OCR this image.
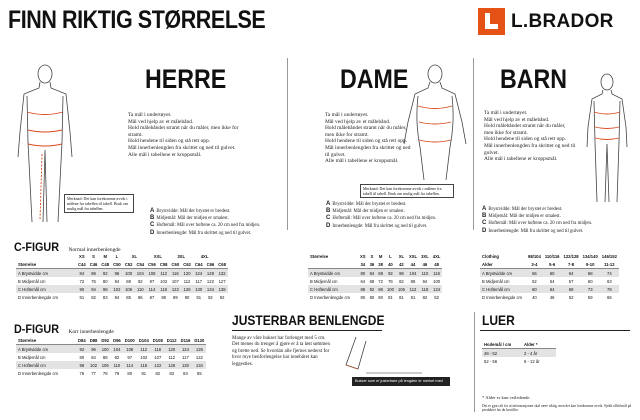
FINN RIKTIG STØRRELSE	L.BRADOR
HERRE
Ta mål i undertøyet.
Mål ved hjelp av et målebånd.
Hold målebåndet stramt når du måler, men ikke for stramt.
Hold hendene til siden og stå rett opp.
Mål innerbenlengden fra skrittet og ned til gulvet.
Alle mål i tabellene er kroppsmål.
Merknad: Det kan forekomme avvik i målene fra tabellen til tabell. Bruk om mulig mål fra tabellen.	A Brystvidde: Mål der brystet er bredest.
B Midjemål: Mål der midjen er smalest.
C Hoftemål: Mål over hoftene ca. 20 cm ned fra midjen.
D Innerbenlengde: Mål fra skrittet og ned til gulvet.
DAME
Ta mål i undertøyet.
Mål ved hjelp av et målebånd.
Hold målebåndet stramt når du måler, men ikke for stramt.
Hold hendene til siden og stå rett opp.
Mål innerbenlengden fra skrittet og ned til gulvet.
Alle mål i tabellene er kroppsmål.
Merknad: Det kan forekomme avvik i målene fra tabell til tabell. Bruk om mulig mål fra tabellen.
A Brystvidde: Mål der brystet er bredest.
B Midjemål: Mål der midjen er smalest.
C Hoftemål: Mål over hoftene ca. 20 cm ned fra midjen.
D Innerbenlengde: Mål fra skrittet og ned til gulvet.
BARN
Ta mål i undertøyet.
Mål ved hjelp av et målebånd.
Hold målebåndet stramt når du måler, men ikke for stramt.
Hold hendene til siden og stå rett opp.
Mål innerbenlengden fra skrittet og ned til gulvet.
Alle mål i tabellene er kroppsmål.
A Brystvidde: Mål der brystet er bredest.
B Midjemål: Mål der midjen er smalest.
C Hoftemål: Mål over hoftene ca. 20 cm ned fra midjen.
D Innerbenlengde: Mål fra skrittet og ned til gulvet.
C-FIGUR Normal innerbenlengde
	XS	S	M	L	XL		XXL		3XL		4XL		
Størrelse	C44	C46	C48	C50	C52	C54	C56	C58	C60	C62	C64	C66	C68
A Brystvidde cm	84	88	92	96	100	104	108	112	116	120	124	128	132
B Midjemål cm	72	76	80	84	88	92	97	102	107	112	117	122	127
C Hoftemål cm	90	94	98	102	106	110	114	118	122	126	130	134	138
D Innerbenlengde cm	81	82	83	84	85	86	87	88	89	90	91	92	92
Størrelse	XS	S	M	L	XL	XXL	3XL	4XL
	34	36	38	40	42	44	46	48
A Brystvidde cm	80	84	88	92	98	104	110	116
B Midjemål cm	64	68	72	76	82	88	94	100
C Hoftemål cm	88	92	96	100	106	112	118	124
D Innerbenlengde cm	80	80	80	81	81	81	82	82
Clothing	98/104	110/116	122/128	134/140	146/152
Alder	3-4	5-6	7-8	9-10	11-12
A Brystvidde cm	56	60	64	68	74
B Midjemål cm	52	54	57	60	63
C Hoftemål cm	60	64	68	73	78
D Innerbenlengde cm	40	46	52	59	66
D-FIGUR Kort innerbenlengde
Størrelse	D84	D88	D92	D96	D100	D104	D108	D112	D116	D120
A Brystvidde cm	92	96	100	104	108	112	116	120	124	128
B Midjemål cm	80	84	88	92	97	102	107	112	117	122
C Hoftemål cm	98	102	106	110	114	118	122	126	130	134
D Innerbenlengde cm	76	77	78	79	80	81	82	83	84	85
JUSTERBAR BENLENGDE
Mange av våre bukser har forlenget med 5 cm. Det menes du trenger å gjøre er å ta løst sømmen og brette ned. Se hvordan alle fjernes nederst for hvor mye benforlengelse har innebåret kan leggestles.
Bukser som er justerbare på lengden er merket med dette symbol
LUER
Hodemål / cm	Alder *
48 - 52	2 - 4 år
52 - 56	5 - 12 år
* Alder er kun veiledende.
Det er gjort alt for at informasjonen skal være riktig, men det kan forekomme avvik. Sjekk alltid mål på produktet før du bestiller.
